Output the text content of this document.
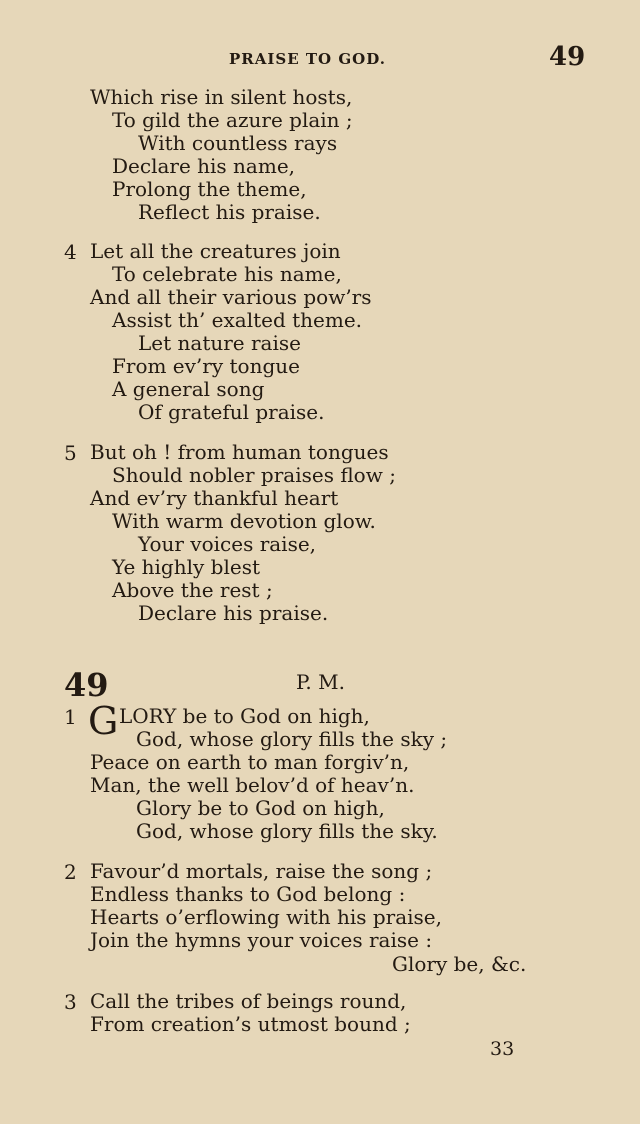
PRAISE TO GOD.	49
Which rise in silent hosts,
To gild the azure plain ;
With countless rays
Declare his name,
Prolong the theme,
Reflect his praise.
4 Let all the creatures join
To celebrate his name,
And all their various pow’rs
Assist th’ exalted theme.
Let nature raise
From ev’ry tongue
A general song
Of grateful praise.
5 But oh ! from human tongues
Should nobler praises flow ;
And ev’ry thankful heart
With warm devotion glow.
Your voices raise,
Ye highly blest
Above the rest ;
Declare his praise.
49	P. M.
1 G LORY be to God on high,
God, whose glory fills the sky ;
Peace on earth to man forgiv’n,
Man, the well belov’d of heav’n.
Glory be to God on high,
God, whose glory fills the sky.
2 Favour’d mortals, raise the song ;
Endless thanks to God belong :
Hearts o’erflowing with his praise,
Join the hymns your voices raise :
Glory be, &c.
3 Call the tribes of beings round,
From creation’s utmost bound ;
33
